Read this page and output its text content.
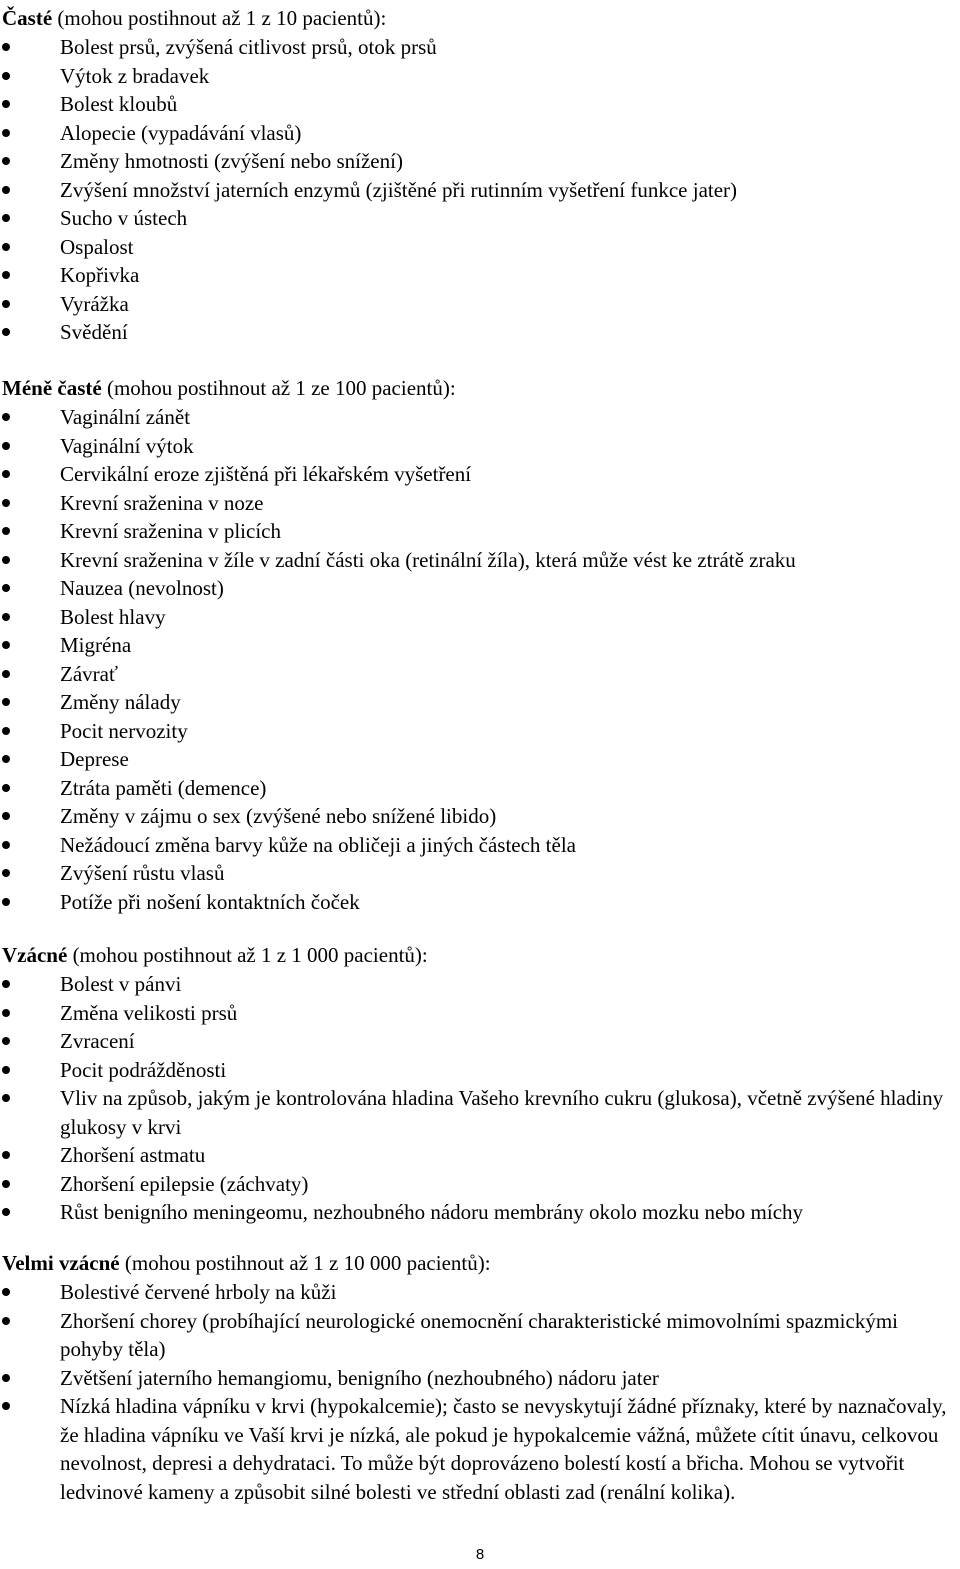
Časté (mohou postihnout až 1 z 10 pacientů):
Bolest prsů, zvýšená citlivost prsů, otok prsů
Výtok z bradavek
Bolest kloubů
Alopecie (vypadávání vlasů)
Změny hmotnosti (zvýšení nebo snížení)
Zvýšení množství jaterních enzymů (zjištěné při rutinním vyšetření funkce jater)
Sucho v ústech
Ospalost
Kopřivka
Vyrážka
Svědění
Méně časté (mohou postihnout až 1 ze 100 pacientů):
Vaginální zánět
Vaginální výtok
Cervikální eroze zjištěná při lékařském vyšetření
Krevní sraženina v noze
Krevní sraženina v plicích
Krevní sraženina v žíle v zadní části oka (retinální žíla), která může vést ke ztrátě zraku
Nauzea (nevolnost)
Bolest hlavy
Migréna
Závrať
Změny nálady
Pocit nervozity
Deprese
Ztráta paměti (demence)
Změny v zájmu o sex (zvýšené nebo snížené libido)
Nežádoucí změna barvy kůže na obličeji a jiných částech těla
Zvýšení růstu vlasů
Potíže při nošení kontaktních čoček
Vzácné (mohou postihnout až 1 z 1 000 pacientů):
Bolest v pánvi
Změna velikosti prsů
Zvracení
Pocit podrážděnosti
Vliv na způsob, jakým je kontrolována hladina Vašeho krevního cukru (glukosa), včetně zvýšené hladiny glukosy v krvi
Zhoršení astmatu
Zhoršení epilepsie (záchvaty)
Růst benigního meningeomu, nezhoubného nádoru membrány okolo mozku nebo míchy
Velmi vzácné (mohou postihnout až 1 z 10 000 pacientů):
Bolestivé červené hrboly na kůži
Zhoršení chorey (probíhající neurologické onemocnění charakteristické mimovolními spazmickými pohyby těla)
Zvětšení jaterního hemangiomu, benigního (nezhoubného) nádoru jater
Nízká hladina vápníku v krvi (hypokalcemie); často se nevyskytují žádné příznaky, které by naznačovaly, že hladina vápníku ve Vaší krvi je nízká, ale pokud je hypokalcemie vážná, můžete cítit únavu, celkovou nevolnost, depresi a dehydrataci. To může být doprovázeno bolestí kostí a břicha. Mohou se vytvořit ledvinové kameny a způsobit silné bolesti ve střední oblasti zad (renální kolika).
8
